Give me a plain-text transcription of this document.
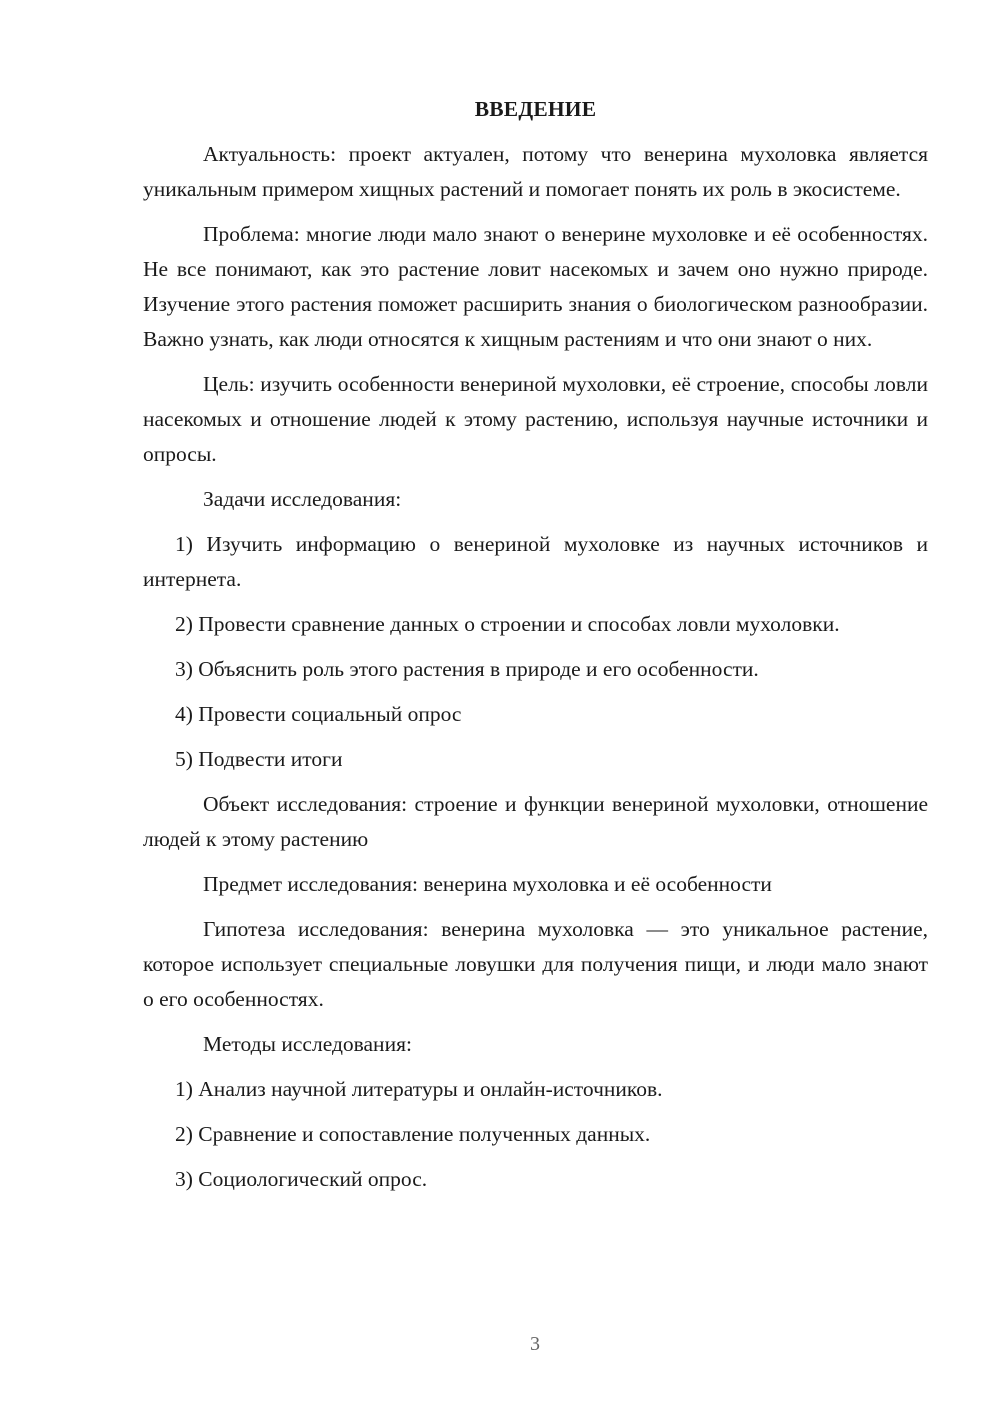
ВВЕДЕНИЕ

Актуальность: проект актуален, потому что венерина мухоловка является уникальным примером хищных растений и помогает понять их роль в экосистеме.

Проблема: многие люди мало знают о венерине мухоловке и её особенностях. Не все понимают, как это растение ловит насекомых и зачем оно нужно природе. Изучение этого растения поможет расширить знания о биологическом разнообразии. Важно узнать, как люди относятся к хищным растениям и что они знают о них.

Цель: изучить особенности венериной мухоловки, её строение, способы ловли насекомых и отношение людей к этому растению, используя научные источники и опросы.

Задачи исследования:

1) Изучить информацию о венериной мухоловке из научных источников и интернета.

2) Провести сравнение данных о строении и способах ловли мухоловки.

3) Объяснить роль этого растения в природе и его особенности.

4) Провести социальный опрос

5) Подвести итоги

Объект исследования: строение и функции венериной мухоловки, отношение людей к этому растению

Предмет исследования: венерина мухоловка и её особенности

Гипотеза исследования: венерина мухоловка — это уникальное растение, которое использует специальные ловушки для получения пищи, и люди мало знают о его особенностях.

Методы исследования:

1) Анализ научной литературы и онлайн-источников.

2) Сравнение и сопоставление полученных данных.

3) Социологический опрос.

3
